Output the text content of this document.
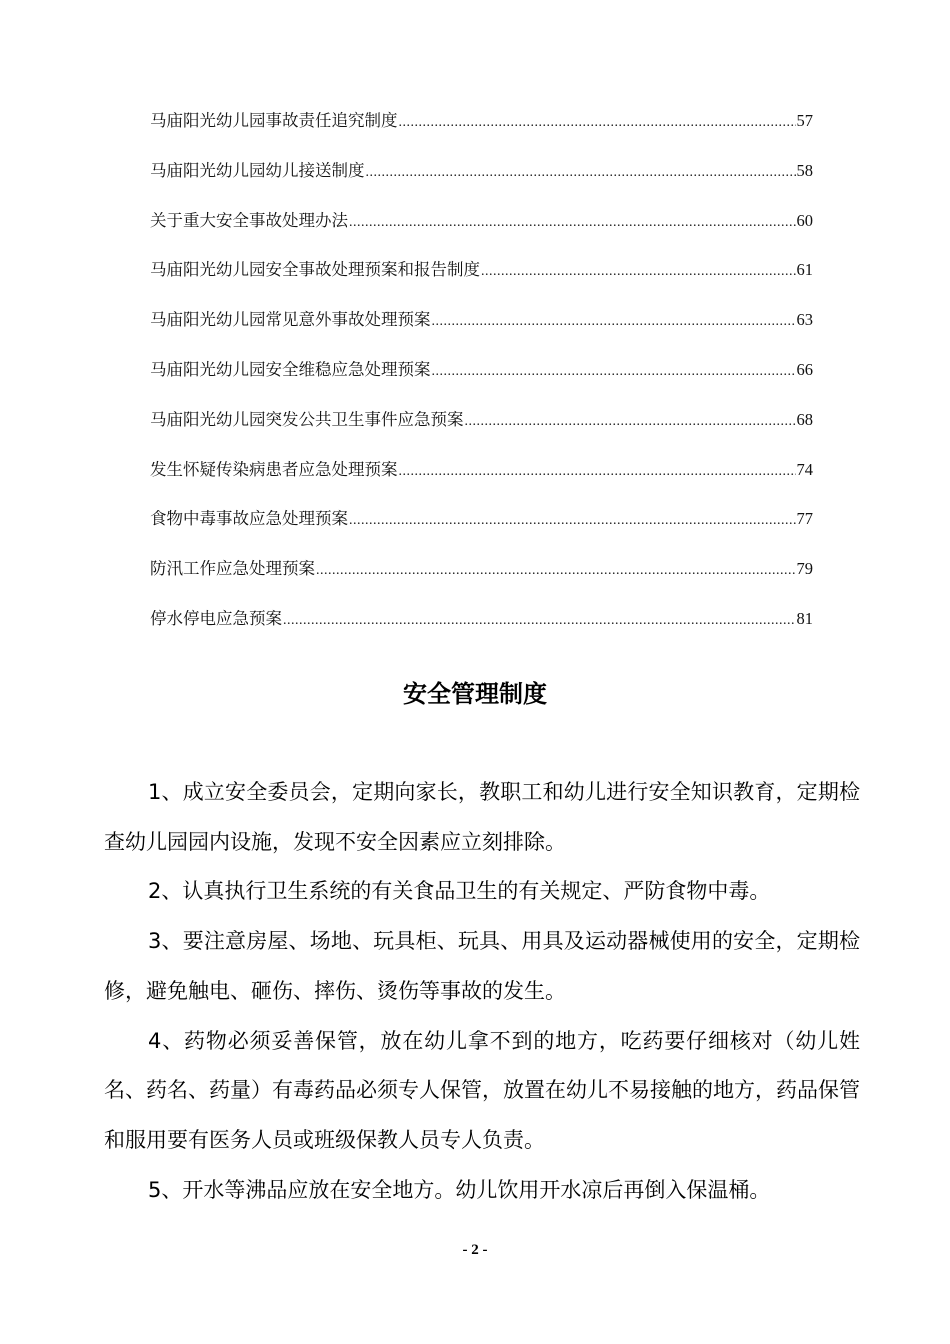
马庙阳光幼儿园事故责任追究制度 .....	57
马庙阳光幼儿园幼儿接送制度 .....	58
关于重大安全事故处理办法 .....	60
马庙阳光幼儿园安全事故处理预案和报告制度 .....	61
马庙阳光幼儿园常见意外事故处理预案 .....	63
马庙阳光幼儿园安全维稳应急处理预案 .....	66
马庙阳光幼儿园突发公共卫生事件应急预案 .....	68
发生怀疑传染病患者应急处理预案 .....	74
食物中毒事故应急处理预案 .....	77
防汛工作应急处理预案 .....	79
停水停电应急预案 .....	81
安全管理制度

1、成立安全委员会，定期向家长，教职工和幼儿进行安全知识教育，定期检查幼儿园园内设施，发现不安全因素应立刻排除。

2、认真执行卫生系统的有关食品卫生的有关规定、严防食物中毒。

3、要注意房屋、场地、玩具柜、玩具、用具及运动器械使用的安全，定期检修，避免触电、砸伤、摔伤、烫伤等事故的发生。

4、药物必须妥善保管，放在幼儿拿不到的地方，吃药要仔细核对（幼儿姓名、药名、药量）有毒药品必须专人保管，放置在幼儿不易接触的地方，药品保管和服用要有医务人员或班级保教人员专人负责。

5、开水等沸品应放在安全地方。幼儿饮用开水凉后再倒入保温桶。

- 2 -
